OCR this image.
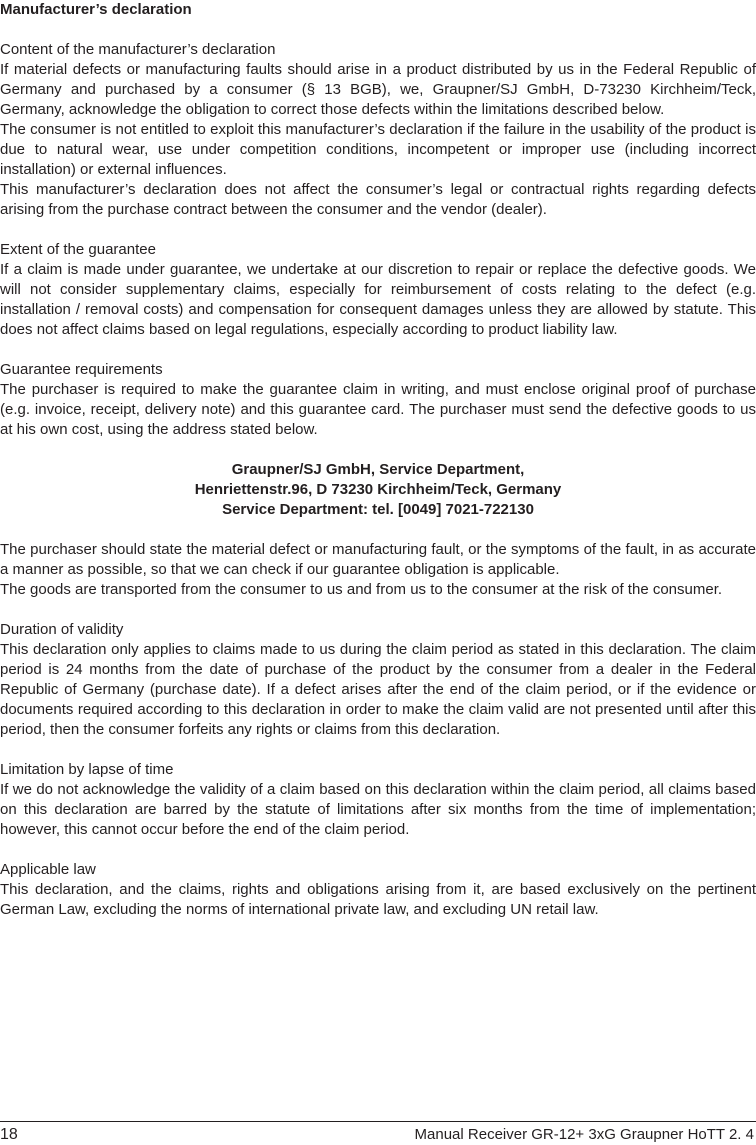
Manufacturer’s declaration

Content of the manufacturer’s declaration

If material defects or manufacturing faults should arise in a product distributed by us in the Federal Republic of Germany and purchased by a consumer (§ 13 BGB), we, Graupner/SJ GmbH, D-73230 Kirchheim/Teck, Germany, acknowledge the obligation to correct those defects within the limitations described below.

The consumer is not entitled to exploit this manufacturer’s declaration if the failure in the usability of the product is due to natural wear, use under competition conditions, incompetent or improper use (including incorrect installation) or external influences.

This manufacturer’s declaration does not affect the consumer’s legal or contractual rights regarding defects arising from the purchase contract between the consumer and the vendor (dealer).

Extent of the guarantee

If a claim is made under guarantee, we undertake at our discretion to repair or replace the defective goods. We will not consider supplementary claims, especially for reimbursement of costs relating to the defect (e.g. installation / removal costs) and compensation for consequent damages unless they are allowed by statute. This does not affect claims based on legal regulations, especially according to product liability law.

Guarantee requirements

The purchaser is required to make the guarantee claim in writing, and must enclose original proof of purchase (e.g. invoice, receipt, delivery note) and this guarantee card. The purchaser must send the defective goods to us at his own cost, using the address stated below.

Graupner/SJ GmbH, Service Department,
Henriettenstr.96, D 73230 Kirchheim/Teck, Germany
Service Department: tel. [0049] 7021-722130

The purchaser should state the material defect or manufacturing fault, or the symptoms of the fault, in as accurate a manner as possible, so that we can check if our guarantee obligation is applicable.

The goods are transported from the consumer to us and from us to the consumer at the risk of the consumer.

Duration of validity

This declaration only applies to claims made to us during the claim period as stated in this declaration. The claim period is 24 months from the date of purchase of the product by the consumer from a dealer in the Federal Republic of Germany (purchase date). If a defect arises after the end of the claim period, or if the evidence or documents required according to this declaration in order to make the claim valid are not presented until after this period, then the consumer forfeits any rights or claims from this declaration.

Limitation by lapse of time

If we do not acknowledge the validity of a claim based on this declaration within the claim period, all claims based on this declaration are barred by the statute of limitations after six months from the time of implementation; however, this cannot occur before the end of the claim period.

Applicable law

This declaration, and the claims, rights and obligations arising from it, are based exclusively on the pertinent German Law, excluding the norms of international private law, and excluding UN retail law.

18	Manual Receiver GR-12+ 3xG Graupner HoTT 2. 4
